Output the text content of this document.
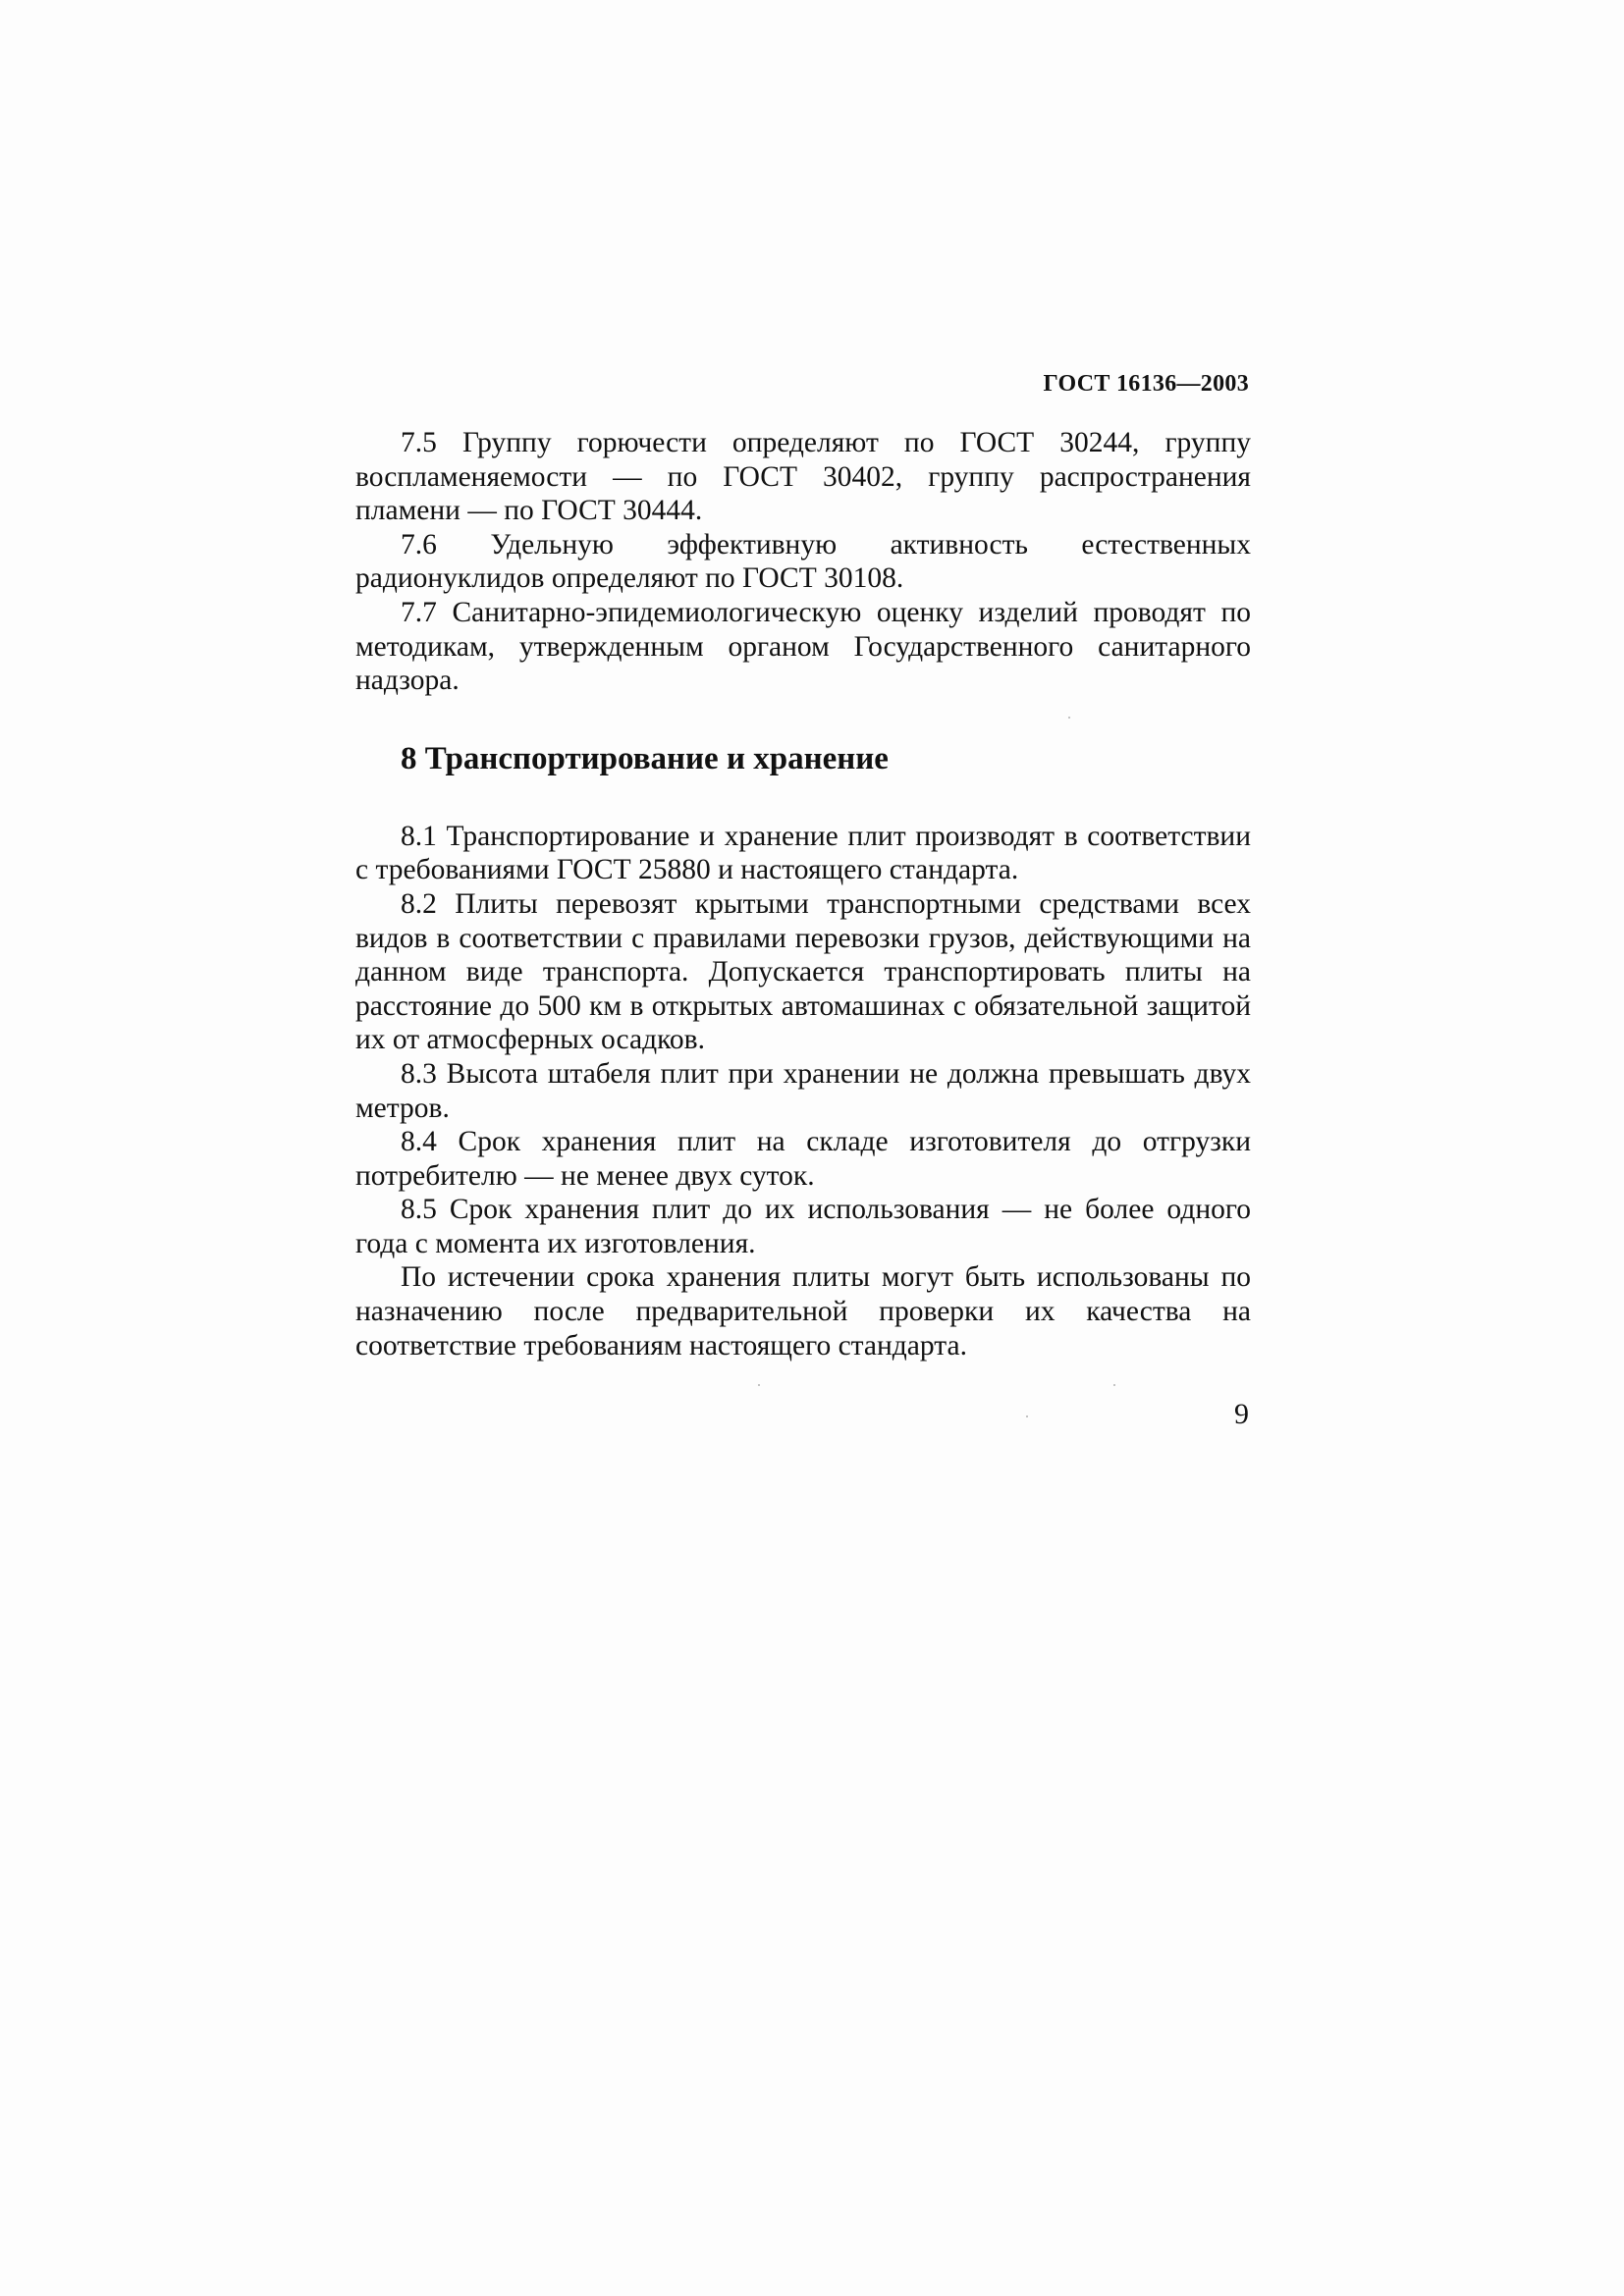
ГОСТ 16136—2003

7.5 Группу горючести определяют по ГОСТ 30244, группу воспламеняемости — по ГОСТ 30402, группу распространения пламени — по ГОСТ 30444.

7.6 Удельную эффективную активность естественных радионуклидов определяют по ГОСТ 30108.

7.7 Санитарно-эпидемиологическую оценку изделий проводят по методикам, утвержденным органом Государственного санитарного надзора.

8 Транспортирование и хранение

8.1 Транспортирование и хранение плит производят в соответствии с требованиями ГОСТ 25880 и настоящего стандарта.

8.2 Плиты перевозят крытыми транспортными средствами всех видов в соответствии с правилами перевозки грузов, действующими на данном виде транспорта. Допускается транспортировать плиты на расстояние до 500 км в открытых автомашинах с обязательной защитой их от атмосферных осадков.

8.3 Высота штабеля плит при хранении не должна превышать двух метров.

8.4 Срок хранения плит на складе изготовителя до отгрузки потребителю — не менее двух суток.

8.5 Срок хранения плит до их использования — не более одного года с момента их изготовления.

По истечении срока хранения плиты могут быть использованы по назначению после предварительной проверки их качества на соответствие требованиям настоящего стандарта.

9
